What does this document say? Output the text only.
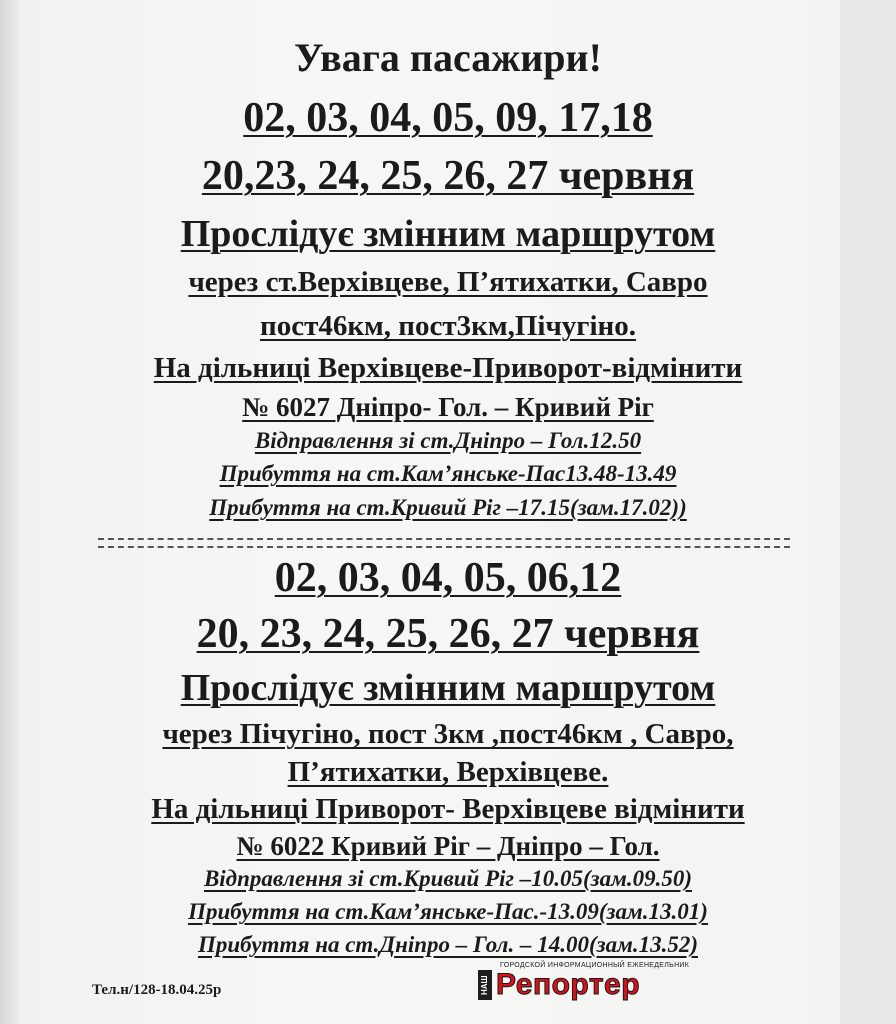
Увага пасажири!
02, 03, 04, 05, 09, 17,18
20,23, 24, 25, 26, 27 червня
Прослідує змінним маршрутом
через ст.Верхівцеве, П’ятихатки, Савро
пост46км, пост3км,Пічугіно.
На дільниці Верхівцеве-Приворот-відмінити
№ 6027 Дніпро- Гол. – Кривий Ріг
Відправлення зі ст.Дніпро – Гол.12.50
Прибуття на ст.Кам’янське-Пас13.48-13.49
Прибуття на ст.Кривий Ріг –17.15(зам.17.02))
02, 03, 04, 05, 06,12
20, 23, 24, 25, 26, 27 червня
Прослідує змінним маршрутом
через Пічугіно, пост 3км ,пост46км , Савро,
П’ятихатки, Верхівцеве.
На дільниці Приворот- Верхівцеве відмінити
№ 6022 Кривий Ріг – Дніпро – Гол.
Відправлення зі ст.Кривий Ріг –10.05(зам.09.50)
Прибуття на ст.Кам’янське-Пас.-13.09(зам.13.01)
Прибуття на ст.Дніпро – Гол. – 14.00(зам.13.52)
Тел.н/128-18.04.25р	НАШ
ГОРОДСКОЙ ИНФОРМАЦИОННЫЙ ЕЖЕНЕДЕЛЬНИК
Репортер
